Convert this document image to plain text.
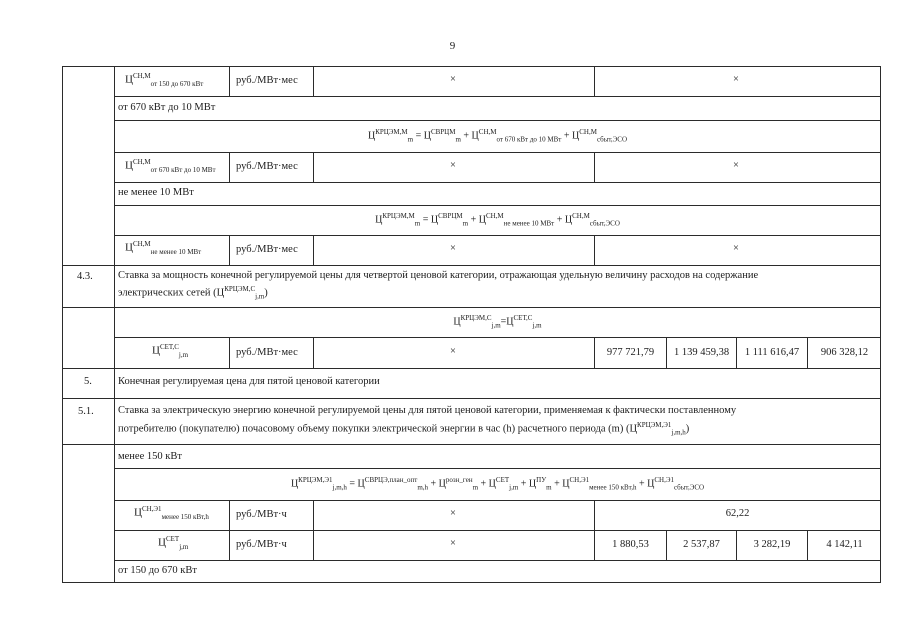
9
$Ц^{СН,М}_{от 150 до 670 кВт}$	руб./МВт·мес	×	×
от 670 кВт до 10 МВт
$Ц^{КРЦЭМ,М}_m = Ц^{СВРЦМ}_m + Ц^{СН,М}_{от 670 кВт до 10 МВт} + Ц^{СН,М}_{сбыт,ЭСО}$
$Ц^{СН,М}_{от 670 кВт до 10 МВт}$ руб./МВт·мес	×	×
не менее 10 МВт
$Ц^{КРЦЭМ,М}_m = Ц^{СВРЦМ}_m + Ц^{СН,М}_{не менее 10 МВт} + Ц^{СН,М}_{сбыт,ЭСО}$
$Ц^{СН,М}_{не менее 10 МВт}$	руб./МВт·мес	×	×
4.3. Ставка за мощность конечной регулируемой цены для четвертой ценовой категории, отражающая удельную величину расходов на содержание
электрических сетей $(Ц^{КРЦЭМ,С}_{j,m})$
$Ц^{КРЦЭМ,С}_{j,m}=Ц^{СЕТ,С}_{j,m}$
$Ц^{СЕТ,С}_{j,m}$	руб./МВт·мес	×	977 721,79	1 139 459,38	1 111 616,47	906 328,12
5. Конечная регулируемая цена для пятой ценовой категории
5.1. Ставка за электрическую энергию конечной регулируемой цены для пятой ценовой категории, применяемая к фактически поставленному
потребителю (покупателю) почасовому объему покупки электрической энергии в час (h) расчетного периода (m) $(Ц^{КРЦЭМ,Э1}_{j,m,h})$
менее 150 кВт
$Ц^{КРЦЭМ,Э1}_{j,m,h} = Ц^{СВРЦЭ,план\_опт}_{m,h} + Ц^{розн\_ген}_m + Ц^{СЕТ}_{j,m} + Ц^{ПУ}_m + Ц^{СН,Э1}_{менее 150 кВт,h} + Ц^{СН,Э1}_{сбыт,ЭСО}$
$Ц^{СН,Э1}_{менее 150 кВт,h}$	руб./МВт·ч	×	62,22
$Ц^{СЕТ}_{j,m}$	руб./МВт·ч	×	1 880,53	2 537,87	3 282,19	4 142,11
от 150 до 670 кВт
